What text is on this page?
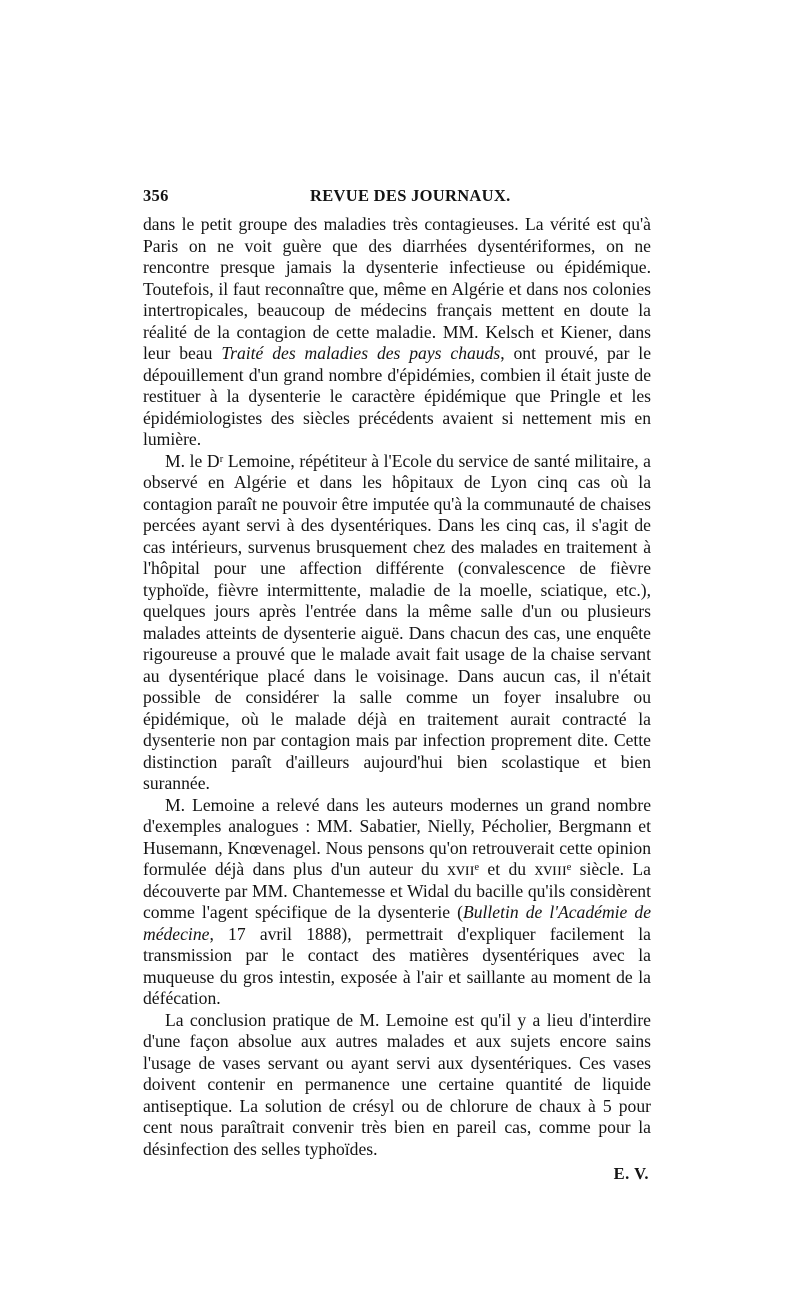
356	REVUE DES JOURNAUX.

dans le petit groupe des maladies très contagieuses. La vérité est qu'à Paris on ne voit guère que des diarrhées dysentériformes, on ne rencontre presque jamais la dysenterie infectieuse ou épidémique. Toutefois, il faut reconnaître que, même en Algérie et dans nos colonies intertropicales, beaucoup de médecins français mettent en doute la réalité de la contagion de cette maladie. MM. Kelsch et Kiener, dans leur beau Traité des maladies des pays chauds, ont prouvé, par le dépouillement d'un grand nombre d'épidémies, combien il était juste de restituer à la dysenterie le caractère épidémique que Pringle et les épidémiologistes des siècles précédents avaient si nettement mis en lumière.

M. le Dʳ Lemoine, répétiteur à l'Ecole du service de santé militaire, a observé en Algérie et dans les hôpitaux de Lyon cinq cas où la contagion paraît ne pouvoir être imputée qu'à la communauté de chaises percées ayant servi à des dysentériques. Dans les cinq cas, il s'agit de cas intérieurs, survenus brusquement chez des malades en traitement à l'hôpital pour une affection différente (convalescence de fièvre typhoïde, fièvre intermittente, maladie de la moelle, sciatique, etc.), quelques jours après l'entrée dans la même salle d'un ou plusieurs malades atteints de dysenterie aiguë. Dans chacun des cas, une enquête rigoureuse a prouvé que le malade avait fait usage de la chaise servant au dysentérique placé dans le voisinage. Dans aucun cas, il n'était possible de considérer la salle comme un foyer insalubre ou épidémique, où le malade déjà en traitement aurait contracté la dysenterie non par contagion mais par infection proprement dite. Cette distinction paraît d'ailleurs aujourd'hui bien scolastique et bien surannée.

M. Lemoine a relevé dans les auteurs modernes un grand nombre d'exemples analogues : MM. Sabatier, Nielly, Pécholier, Bergmann et Husemann, Knœvenagel. Nous pensons qu'on retrouverait cette opinion formulée déjà dans plus d'un auteur du xvɪɪᵉ et du xvɪɪɪᵉ siècle. La découverte par MM. Chantemesse et Widal du bacille qu'ils considèrent comme l'agent spécifique de la dysenterie (Bulletin de l'Académie de médecine, 17 avril 1888), permettrait d'expliquer facilement la transmission par le contact des matières dysentériques avec la muqueuse du gros intestin, exposée à l'air et saillante au moment de la défécation.

La conclusion pratique de M. Lemoine est qu'il y a lieu d'interdire d'une façon absolue aux autres malades et aux sujets encore sains l'usage de vases servant ou ayant servi aux dysentériques. Ces vases doivent contenir en permanence une certaine quantité de liquide antiseptique. La solution de crésyl ou de chlorure de chaux à 5 pour cent nous paraîtrait convenir très bien en pareil cas, comme pour la désinfection des selles typhoïdes.

E. V.
